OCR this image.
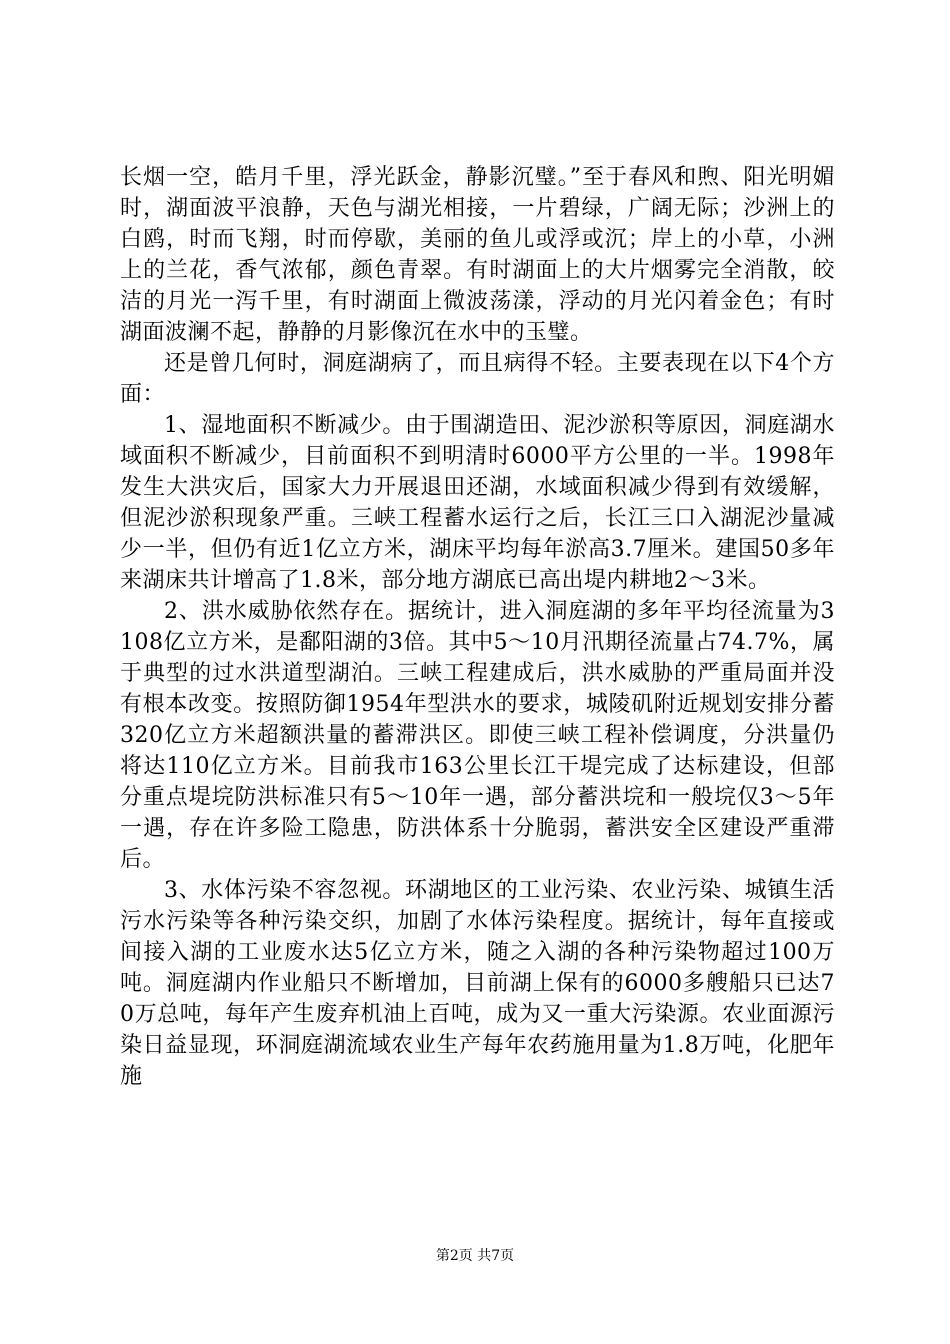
长烟一空，皓月千里，浮光跃金，静影沉璧。”至于春风和煦、阳光明媚时，湖面波平浪静，天色与湖光相接，一片碧绿，广阔无际；沙洲上的白鸥，时而飞翔，时而停歇，美丽的鱼儿或浮或沉；岸上的小草，小洲上的兰花，香气浓郁，颜色青翠。有时湖面上的大片烟雾完全消散，皎洁的月光一泻千里，有时湖面上微波荡漾，浮动的月光闪着金色；有时湖面波澜不起，静静的月影像沉在水中的玉璧。

还是曾几何时，洞庭湖病了，而且病得不轻。主要表现在以下4个方面：

1、湿地面积不断减少。由于围湖造田、泥沙淤积等原因，洞庭湖水域面积不断减少，目前面积不到明清时6000平方公里的一半。1998年发生大洪灾后，国家大力开展退田还湖，水域面积减少得到有效缓解，但泥沙淤积现象严重。三峡工程蓄水运行之后，长江三口入湖泥沙量减少一半，但仍有近1亿立方米，湖床平均每年淤高3.7厘米。建国50多年来湖床共计增高了1.8米，部分地方湖底已高出堤内耕地2～3米。

2、洪水威胁依然存在。据统计，进入洞庭湖的多年平均径流量为3108亿立方米，是鄱阳湖的3倍。其中5～10月汛期径流量占74.7%，属于典型的过水洪道型湖泊。三峡工程建成后，洪水威胁的严重局面并没有根本改变。按照防御1954年型洪水的要求，城陵矶附近规划安排分蓄320亿立方米超额洪量的蓄滞洪区。即使三峡工程补偿调度，分洪量仍将达110亿立方米。目前我市163公里长江干堤完成了达标建设，但部分重点堤垸防洪标准只有5～10年一遇，部分蓄洪垸和一般垸仅3～5年一遇，存在许多险工隐患，防洪体系十分脆弱，蓄洪安全区建设严重滞后。

3、水体污染不容忽视。环湖地区的工业污染、农业污染、城镇生活污水污染等各种污染交织，加剧了水体污染程度。据统计，每年直接或间接入湖的工业废水达5亿立方米，随之入湖的各种污染物超过100万吨。洞庭湖内作业船只不断增加，目前湖上保有的6000多艘船只已达70万总吨，每年产生废弃机油上百吨，成为又一重大污染源。农业面源污染日益显现，环洞庭湖流域农业生产每年农药施用量为1.8万吨，化肥年施

第2页 共7页
